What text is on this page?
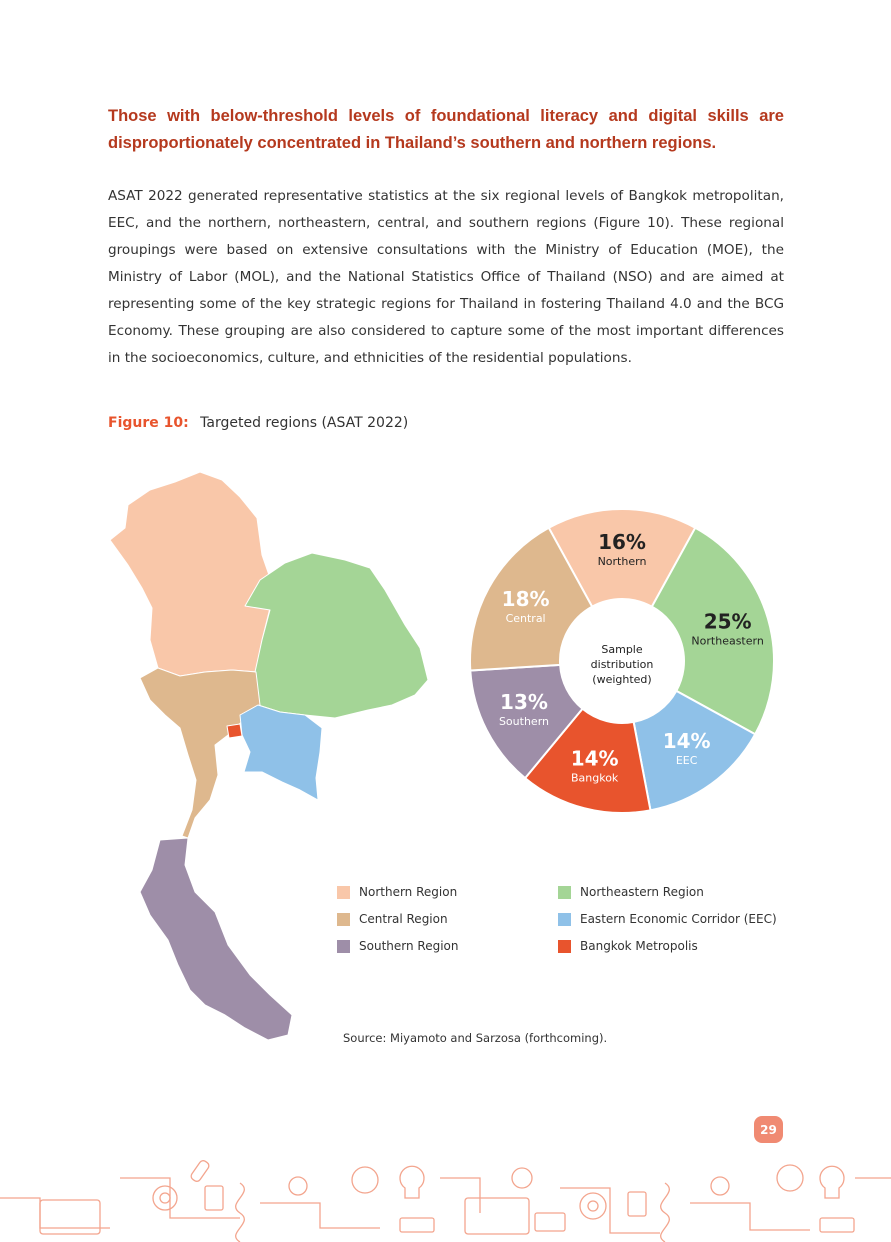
Those with below-threshold levels of foundational literacy and digital skills are disproportionately concentrated in Thailand’s southern and northern regions.

ASAT 2022 generated representative statistics at the six regional levels of Bangkok metropolitan, EEC, and the northern, northeastern, central, and southern regions (Figure 10). These regional groupings were based on extensive consultations with the Ministry of Education (MOE), the Ministry of Labor (MOL), and the National Statistics Office of Thailand (NSO) and are aimed at representing some of the key strategic regions for Thailand in fostering Thailand 4.0 and the BCG Economy. These grouping are also considered to capture some of the most important differences in the socioeconomics, culture, and ethnicities of the residential populations.

Figure 10: Targeted regions (ASAT 2022)
Sample
distribution
(weighted)
16%
Northern
25%
Northeastern
14%
EEC
14%
Bangkok
13%
Southern
18%
Central
Northern Region	Northeastern Region
Central Region	Eastern Economic Corridor (EEC)
Southern Region	Bangkok Metropolis
Source: Miyamoto and Sarzosa (forthcoming).
29
